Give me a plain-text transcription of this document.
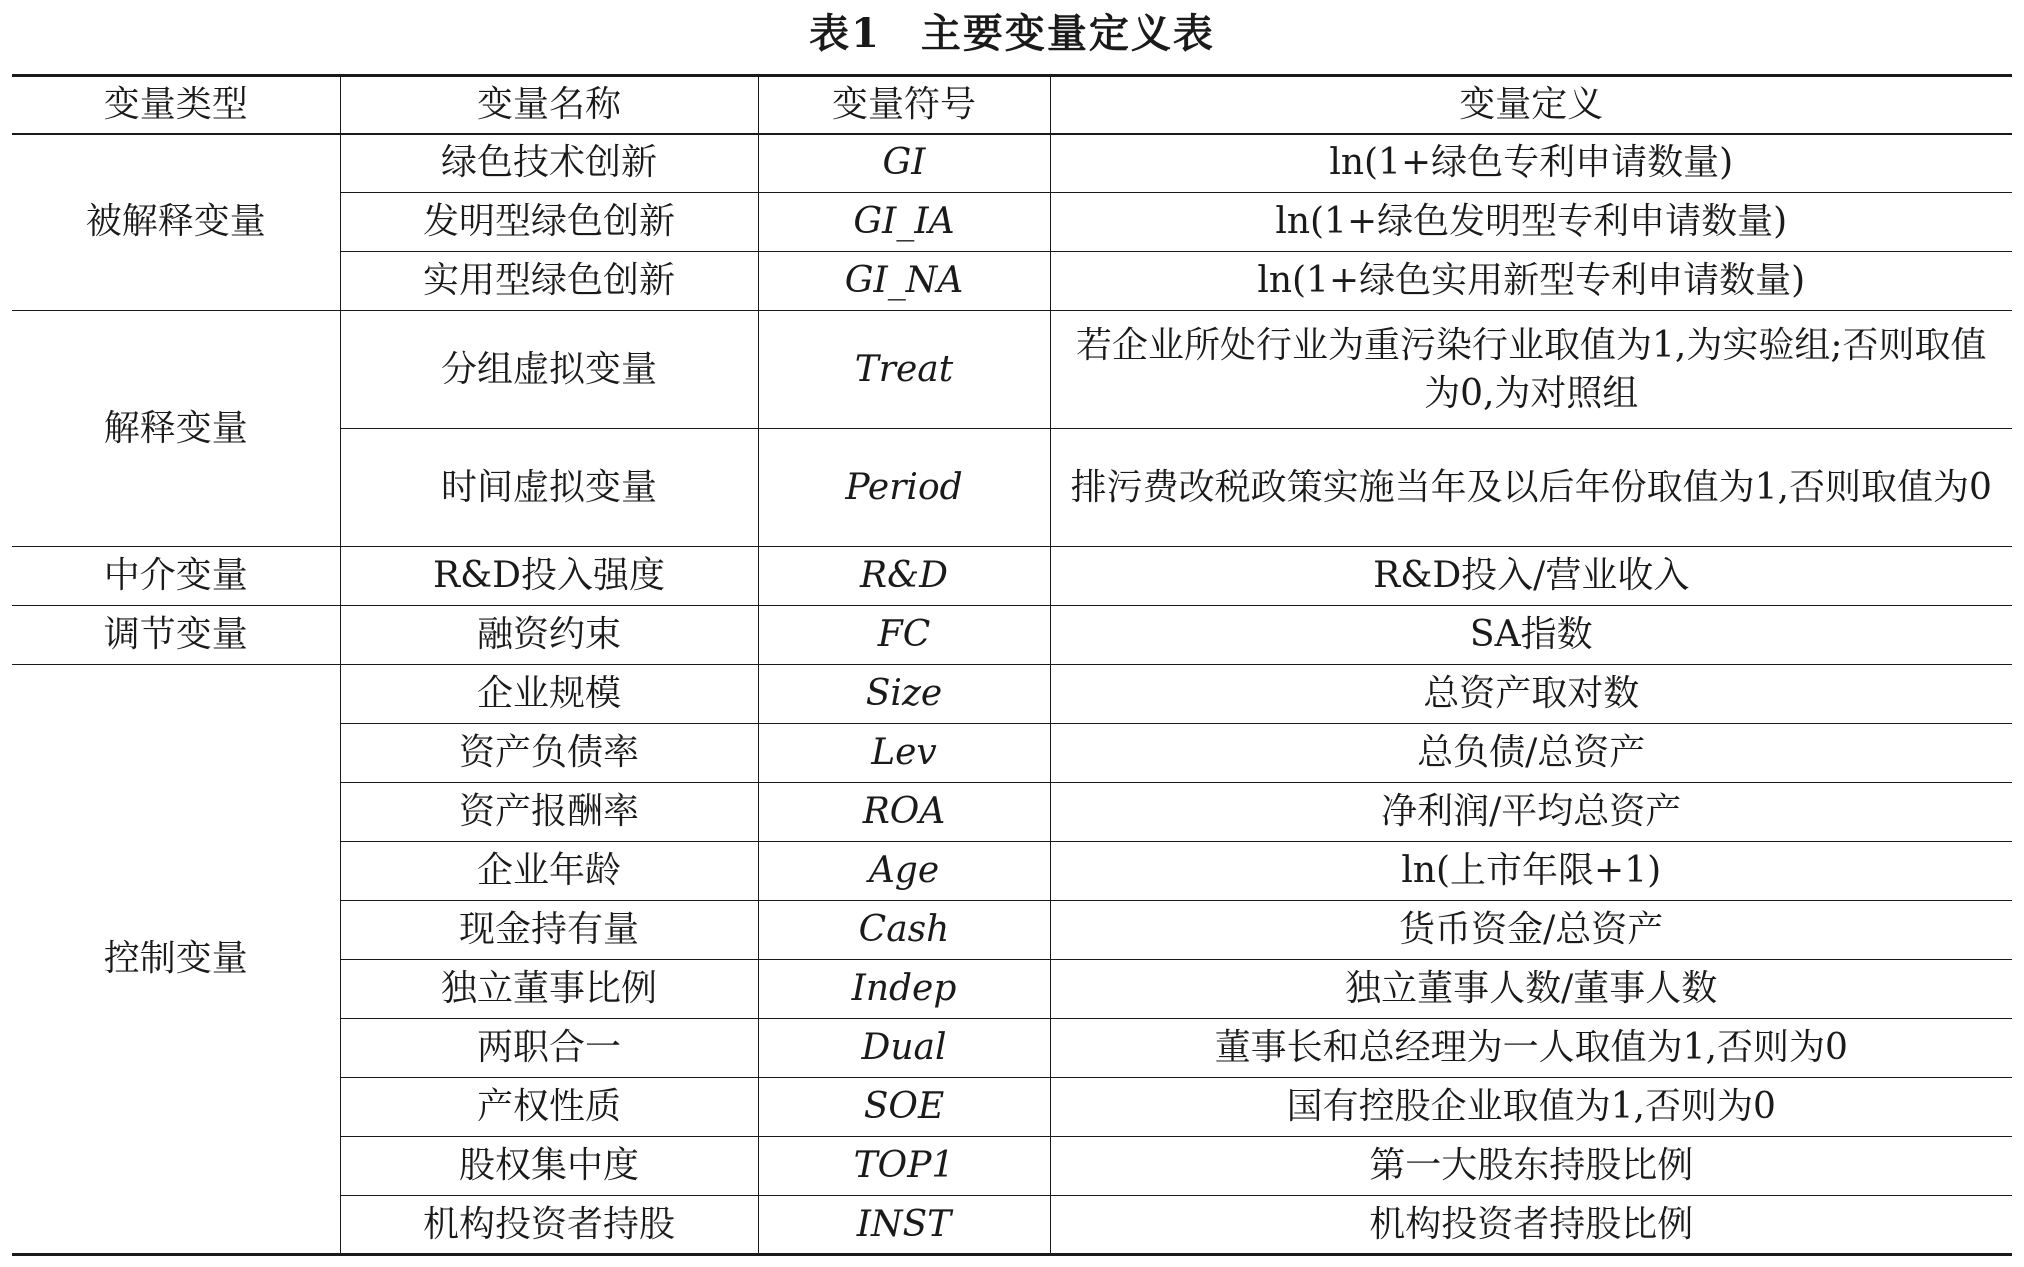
表1 主要变量定义表
变量类型	变量名称	变量符号	变量定义
被解释变量	绿色技术创新	GI	ln(1+绿色专利申请数量)
	发明型绿色创新	GI_IA	ln(1+绿色发明型专利申请数量)
	实用型绿色创新	GI_NA	ln(1+绿色实用新型专利申请数量)
解释变量	分组虚拟变量	Treat	若企业所处行业为重污染行业取值为1,为实验组;否则取值为0,为对照组
	时间虚拟变量	Period	排污费改税政策实施当年及以后年份取值为1,否则取值为0
中介变量	R&D投入强度	R&D	R&D投入/营业收入
调节变量	融资约束	FC	SA指数
控制变量	企业规模	Size	总资产取对数
	资产负债率	Lev	总负债/总资产
	资产报酬率	ROA	净利润/平均总资产
	企业年龄	Age	ln(上市年限+1)
	现金持有量	Cash	货币资金/总资产
	独立董事比例	Indep	独立董事人数/董事人数
	两职合一	Dual	董事长和总经理为一人取值为1,否则为0
	产权性质	SOE	国有控股企业取值为1,否则为0
	股权集中度	TOP1	第一大股东持股比例
	机构投资者持股	INST	机构投资者持股比例
